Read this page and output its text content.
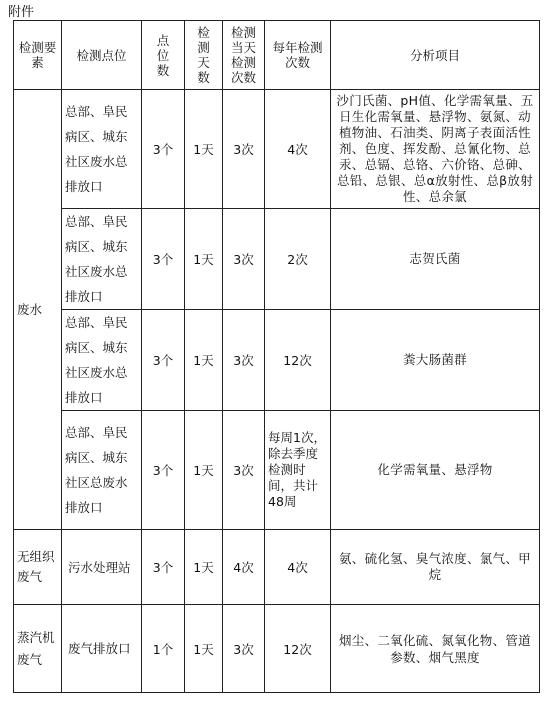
附件
检测要素	检测点位	点位数	检测天数	检测当天检测次数	每年检测次数	分析项目
废水	总部、阜民病区、城东社区废水总排放口	3个	1天	3次	4次	沙门氏菌、pH值、化学需氧量、五日生化需氧量、悬浮物、氨氮、动植物油、石油类、阴离子表面活性剂、色度、挥发酚、总氰化物、总汞、总镉、总铬、六价铬、总砷、总铅、总银、总α放射性、总β放射性、总余氯
	总部、阜民病区、城东社区废水总排放口	3个	1天	3次	2次	志贺氏菌
	总部、阜民病区、城东社区废水总排放口	3个	1天	3次	12次	粪大肠菌群
	总部、阜民病区、城东社区总废水排放口	3个	1天	3次	每周1次，除去季度检测时间，共计48周	化学需氧量、悬浮物
无组织废气	污水处理站	3个	1天	4次	4次	氨、硫化氢、臭气浓度、氯气、甲烷
蒸汽机废气	废气排放口	1个	1天	3次	12次	烟尘、二氧化硫、氮氧化物、管道参数、烟气黑度
